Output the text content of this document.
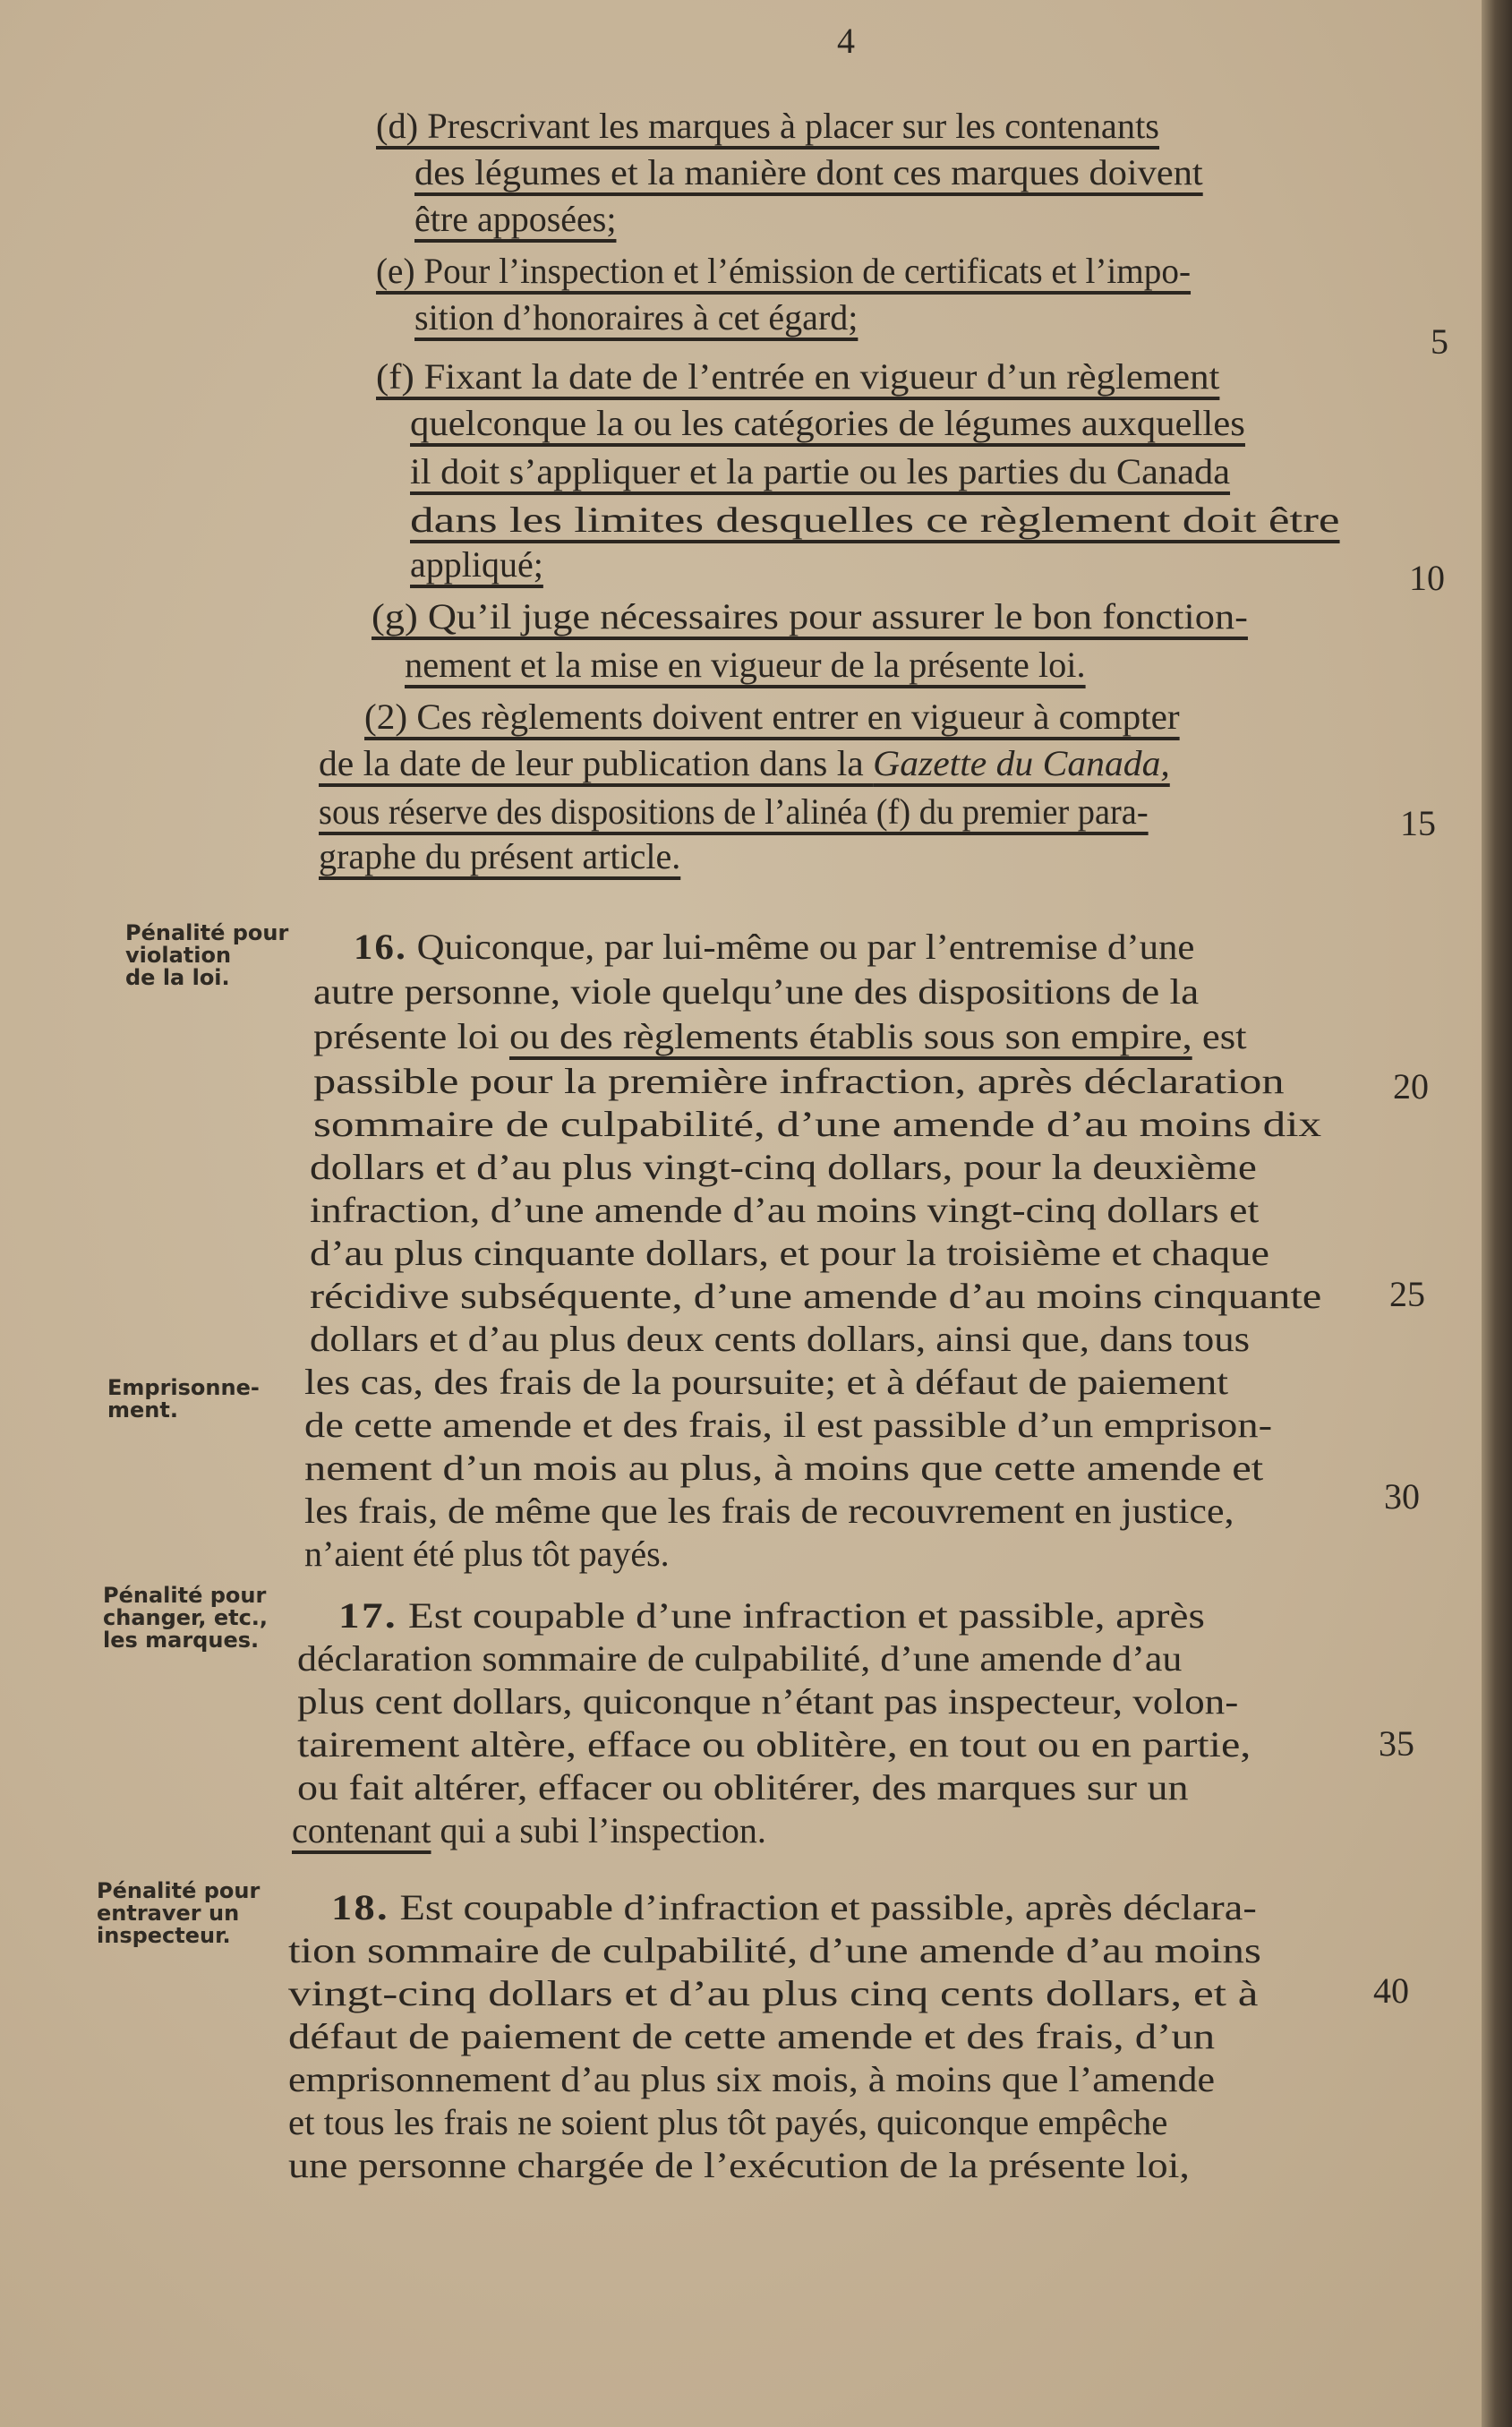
4
(d) Prescrivant les marques à placer sur les contenants
des légumes et la manière dont ces marques doivent
être apposées;
(e) Pour l’inspection et l’émission de certificats et l’impo-
sition d’honoraires à cet égard;
(f) Fixant la date de l’entrée en vigueur d’un règlement
quelconque la ou les catégories de légumes auxquelles
il doit s’appliquer et la partie ou les parties du Canada
dans les limites desquelles ce règlement doit être
appliqué;
(g) Qu’il juge nécessaires pour assurer le bon fonction-
nement et la mise en vigueur de la présente loi.
(2) Ces règlements doivent entrer en vigueur à compter
de la date de leur publication dans la Gazette du Canada,
sous réserve des dispositions de l’alinéa (f) du premier para-
graphe du présent article.
Pénalité pour
violation
de la loi.
16. Quiconque, par lui-même ou par l’entremise d’une
autre personne, viole quelqu’une des dispositions de la
présente loi ou des règlements établis sous son empire, est
passible pour la première infraction, après déclaration
sommaire de culpabilité, d’une amende d’au moins dix
dollars et d’au plus vingt-cinq dollars, pour la deuxième
infraction, d’une amende d’au moins vingt-cinq dollars et
d’au plus cinquante dollars, et pour la troisième et chaque
récidive subséquente, d’une amende d’au moins cinquante
dollars et d’au plus deux cents dollars, ainsi que, dans tous
Emprisonne-
ment.
les cas, des frais de la poursuite; et à défaut de paiement
de cette amende et des frais, il est passible d’un emprison-
nement d’un mois au plus, à moins que cette amende et
les frais, de même que les frais de recouvrement en justice,
n’aient été plus tôt payés.
Pénalité pour
changer, etc.,
les marques.
17. Est coupable d’une infraction et passible, après
déclaration sommaire de culpabilité, d’une amende d’au
plus cent dollars, quiconque n’étant pas inspecteur, volon-
tairement altère, efface ou oblitère, en tout ou en partie,
ou fait altérer, effacer ou oblitérer, des marques sur un
contenant qui a subi l’inspection.
Pénalité pour
entraver un
inspecteur.
18. Est coupable d’infraction et passible, après déclara-
tion sommaire de culpabilité, d’une amende d’au moins
vingt-cinq dollars et d’au plus cinq cents dollars, et à
défaut de paiement de cette amende et des frais, d’un
emprisonnement d’au plus six mois, à moins que l’amende
et tous les frais ne soient plus tôt payés, quiconque empêche
une personne chargée de l’exécution de la présente loi,
5
10
15
20
25
30
35
40
